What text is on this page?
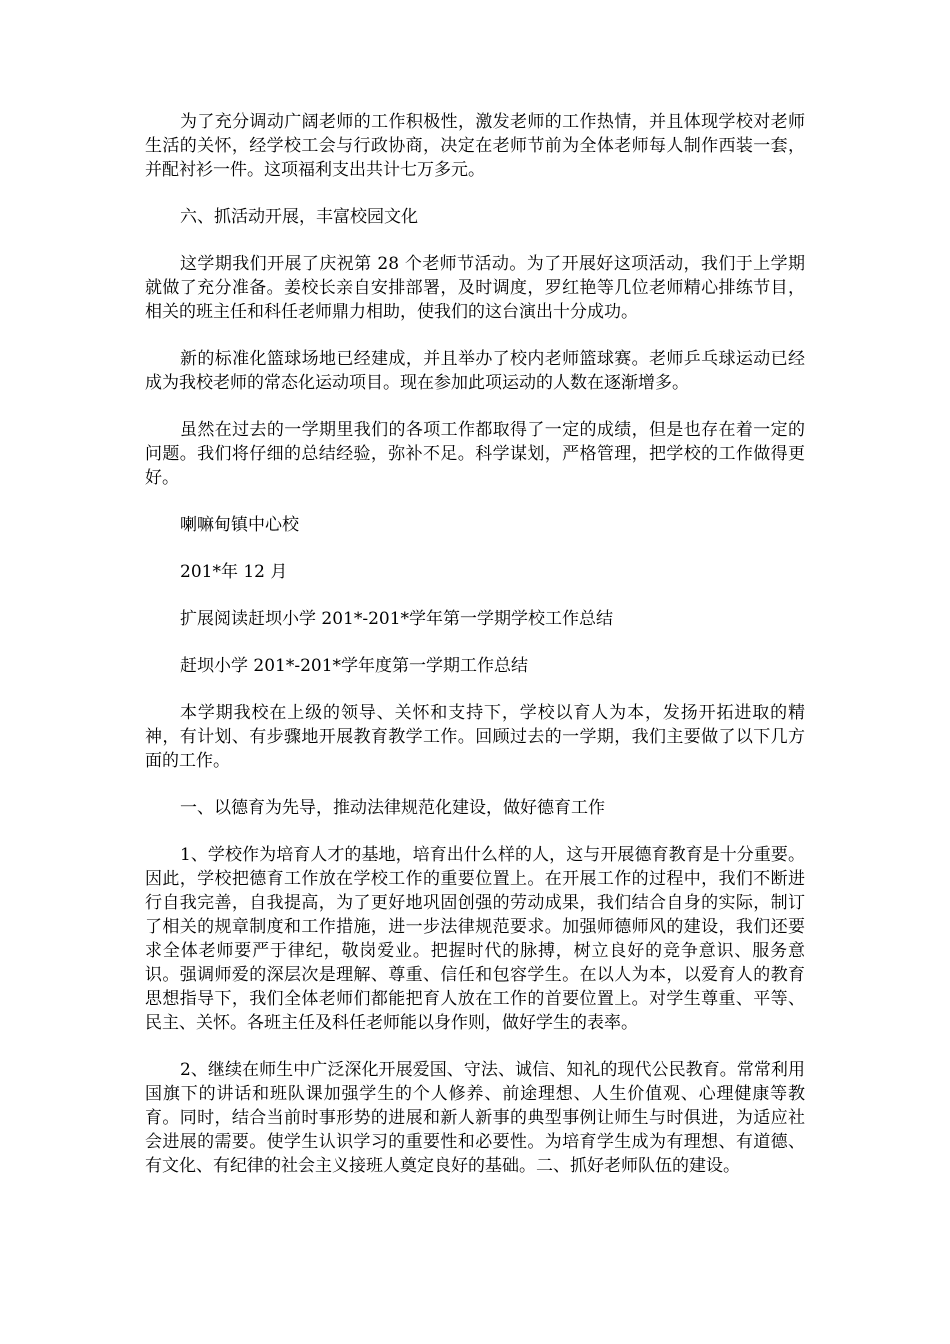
为了充分调动广阔老师的工作积极性，激发老师的工作热情，并且体现学校对老师生活的关怀，经学校工会与行政协商，决定在老师节前为全体老师每人制作西装一套，并配衬衫一件。这项福利支出共计七万多元。

六、抓活动开展，丰富校园文化

这学期我们开展了庆祝第 28 个老师节活动。为了开展好这项活动，我们于上学期就做了充分准备。姜校长亲自安排部署，及时调度，罗红艳等几位老师精心排练节目，相关的班主任和科任老师鼎力相助，使我们的这台演出十分成功。

新的标准化篮球场地已经建成，并且举办了校内老师篮球赛。老师乒乓球运动已经成为我校老师的常态化运动项目。现在参加此项运动的人数在逐渐增多。

虽然在过去的一学期里我们的各项工作都取得了一定的成绩，但是也存在着一定的问题。我们将仔细的总结经验，弥补不足。科学谋划，严格管理，把学校的工作做得更好。

喇嘛甸镇中心校

201*年 12 月

扩展阅读赶坝小学 201*-201*学年第一学期学校工作总结

赶坝小学 201*-201*学年度第一学期工作总结

本学期我校在上级的领导、关怀和支持下，学校以育人为本，发扬开拓进取的精神，有计划、有步骤地开展教育教学工作。回顾过去的一学期，我们主要做了以下几方面的工作。

一、以德育为先导，推动法律规范化建设，做好德育工作

1、学校作为培育人才的基地，培育出什么样的人，这与开展德育教育是十分重要。因此，学校把德育工作放在学校工作的重要位置上。在开展工作的过程中，我们不断进行自我完善，自我提高，为了更好地巩固创强的劳动成果，我们结合自身的实际，制订了相关的规章制度和工作措施，进一步法律规范要求。加强师德师风的建设，我们还要求全体老师要严于律纪，敬岗爱业。把握时代的脉搏，树立良好的竞争意识、服务意识。强调师爱的深层次是理解、尊重、信任和包容学生。在以人为本，以爱育人的教育思想指导下，我们全体老师们都能把育人放在工作的首要位置上。对学生尊重、平等、民主、关怀。各班主任及科任老师能以身作则，做好学生的表率。

2、继续在师生中广泛深化开展爱国、守法、诚信、知礼的现代公民教育。常常利用国旗下的讲话和班队课加强学生的个人修养、前途理想、人生价值观、心理健康等教育。同时，结合当前时事形势的进展和新人新事的典型事例让师生与时俱进，为适应社会进展的需要。使学生认识学习的重要性和必要性。为培育学生成为有理想、有道德、有文化、有纪律的社会主义接班人奠定良好的基础。二、抓好老师队伍的建设。
